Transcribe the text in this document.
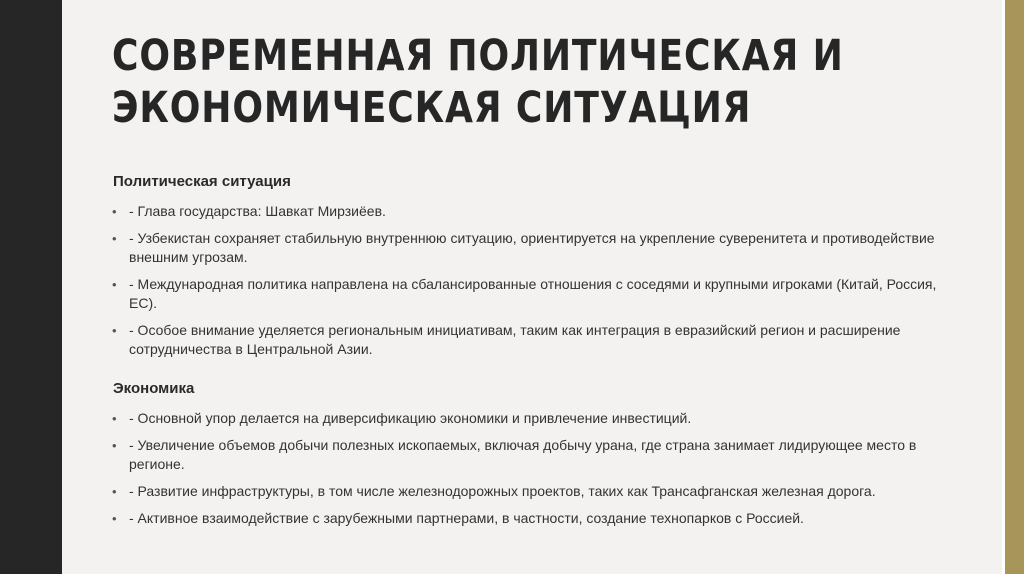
СОВРЕМЕННАЯ ПОЛИТИЧЕСКАЯ И
ЭКОНОМИЧЕСКАЯ СИТУАЦИЯ
Политическая ситуация
• - Глава государства: Шавкат Мирзиёев.
• - Узбекистан сохраняет стабильную внутреннюю ситуацию, ориентируется на укрепление суверенитета и противодействие внешним угрозам.
• - Международная политика направлена на сбалансированные отношения с соседями и крупными игроками (Китай, Россия, ЕС).
• - Особое внимание уделяется региональным инициативам, таким как интеграция в евразийский регион и расширение сотрудничества в Центральной Азии.
Экономика
• - Основной упор делается на диверсификацию экономики и привлечение инвестиций.
• - Увеличение объемов добычи полезных ископаемых, включая добычу урана, где страна занимает лидирующее место в регионе.
• - Развитие инфраструктуры, в том числе железнодорожных проектов, таких как Трансафганская железная дорога.
• - Активное взаимодействие с зарубежными партнерами, в частности, создание технопарков с Россией.
